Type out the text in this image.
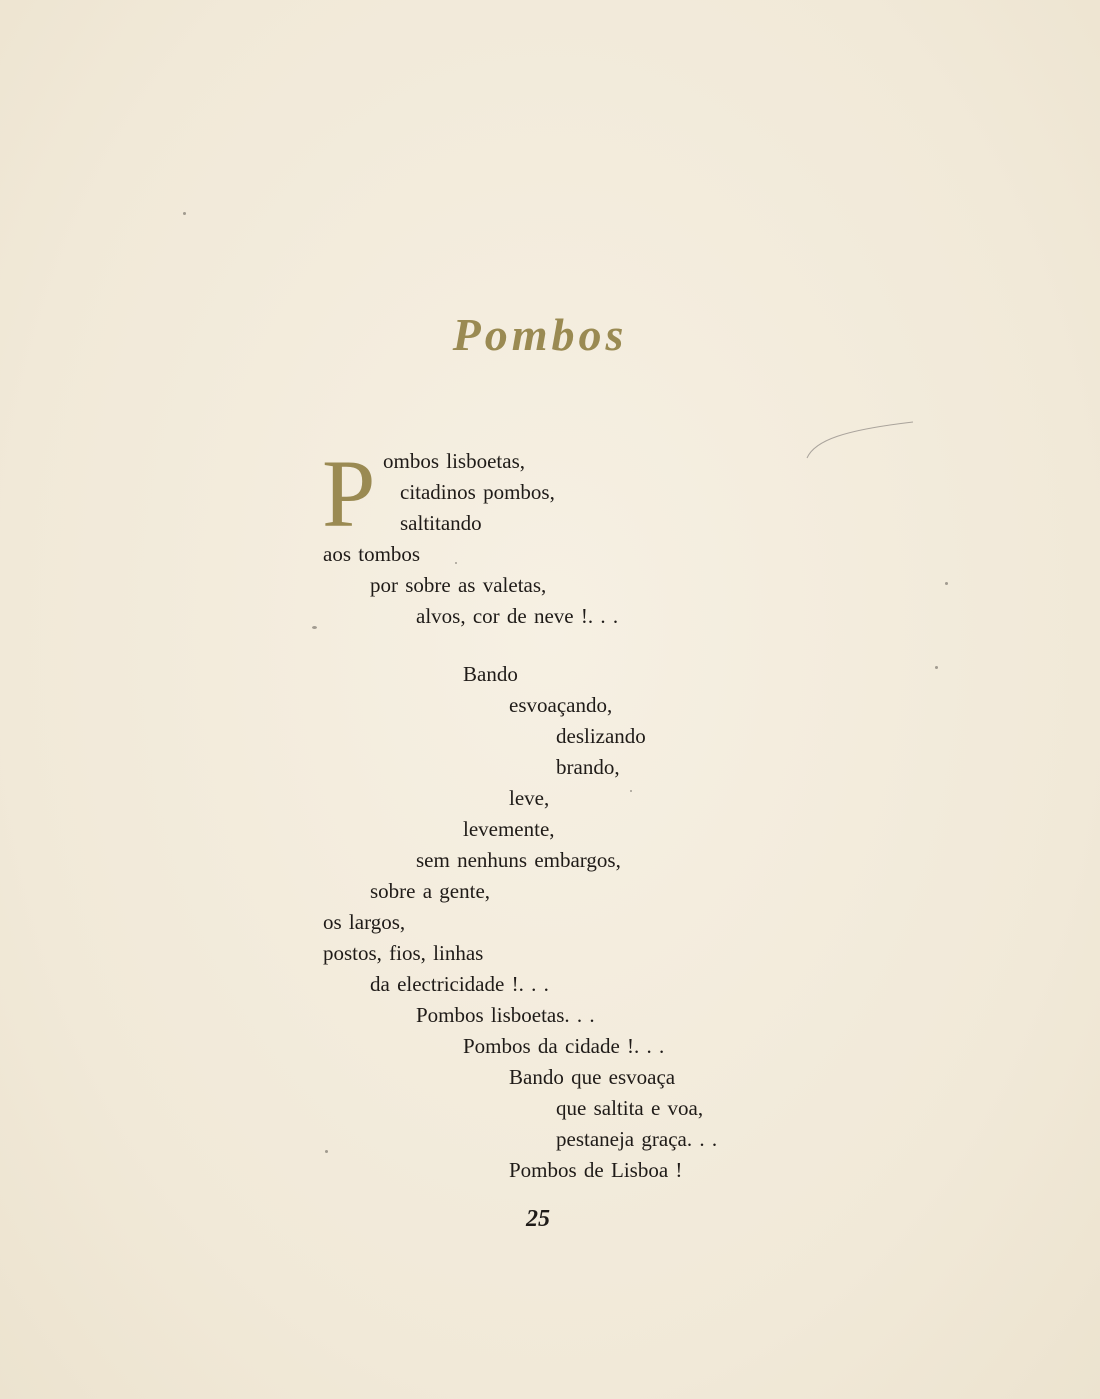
Pombos
P ombos lisboetas,
citadinos pombos,
saltitando
aos tombos
por sobre as valetas,
alvos, cor de neve !. . .
Bando
esvoaçando,
deslizando
brando,
leve,
levemente,
sem nenhuns embargos,
sobre a gente,
os largos,
postos, fios, linhas
da electricidade !. . .
Pombos lisboetas. . .
Pombos da cidade !. . .
Bando que esvoaça
que saltita e voa,
pestaneja graça. . .
Pombos de Lisboa !
25
